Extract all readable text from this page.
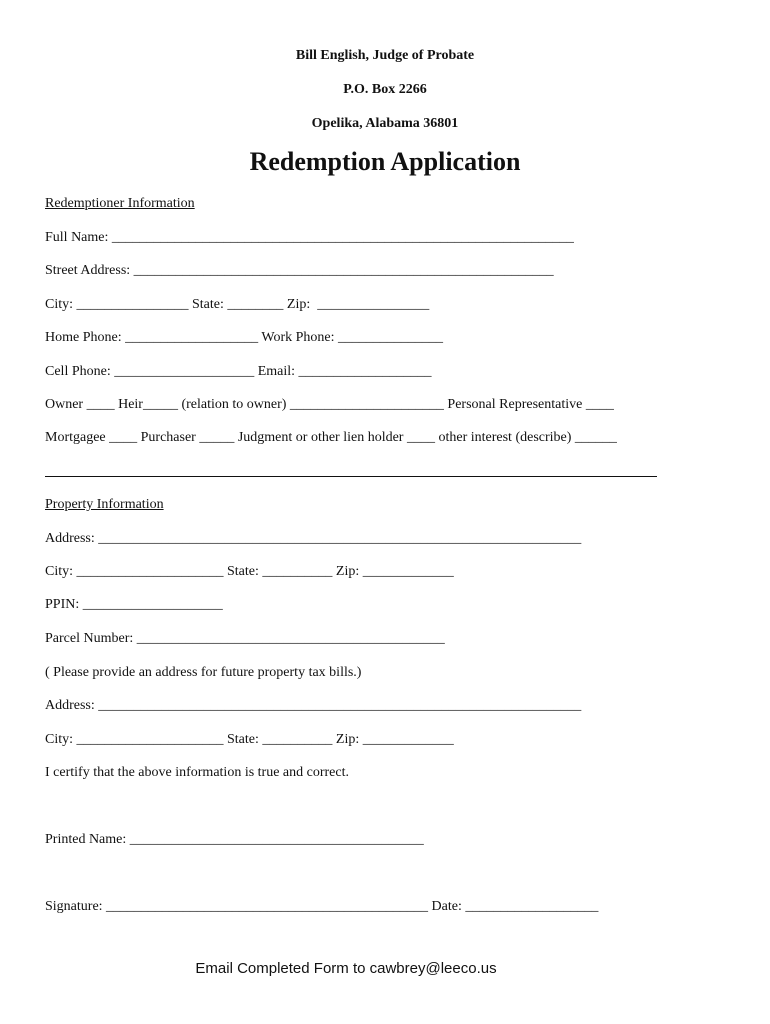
Bill English, Judge of Probate
P.O. Box 2266
Opelika, Alabama 36801
Redemption Application
Redemptioner Information
Full Name: __________________________________________________________________
Street Address: ____________________________________________________________
City: ________________ State: ________ Zip:  ________________
Home Phone: ___________________ Work Phone: _______________
Cell Phone: ____________________ Email: ___________________
Owner ____ Heir_____ (relation to owner) ______________________ Personal Representative ____
Mortgagee ____ Purchaser _____ Judgment or other lien holder ____ other interest (describe) ______
Property Information
Address: _____________________________________________________________________
City: _____________________ State: __________ Zip: _____________
PPIN: ____________________
Parcel Number: ____________________________________________
( Please provide an address for future property tax bills.)
Address: _____________________________________________________________________
City: _____________________ State: __________ Zip: _____________
I certify that the above information is true and correct.
Printed Name: __________________________________________
Signature: ______________________________________________ Date: ___________________
Email Completed Form to cawbrey@leeco.us
